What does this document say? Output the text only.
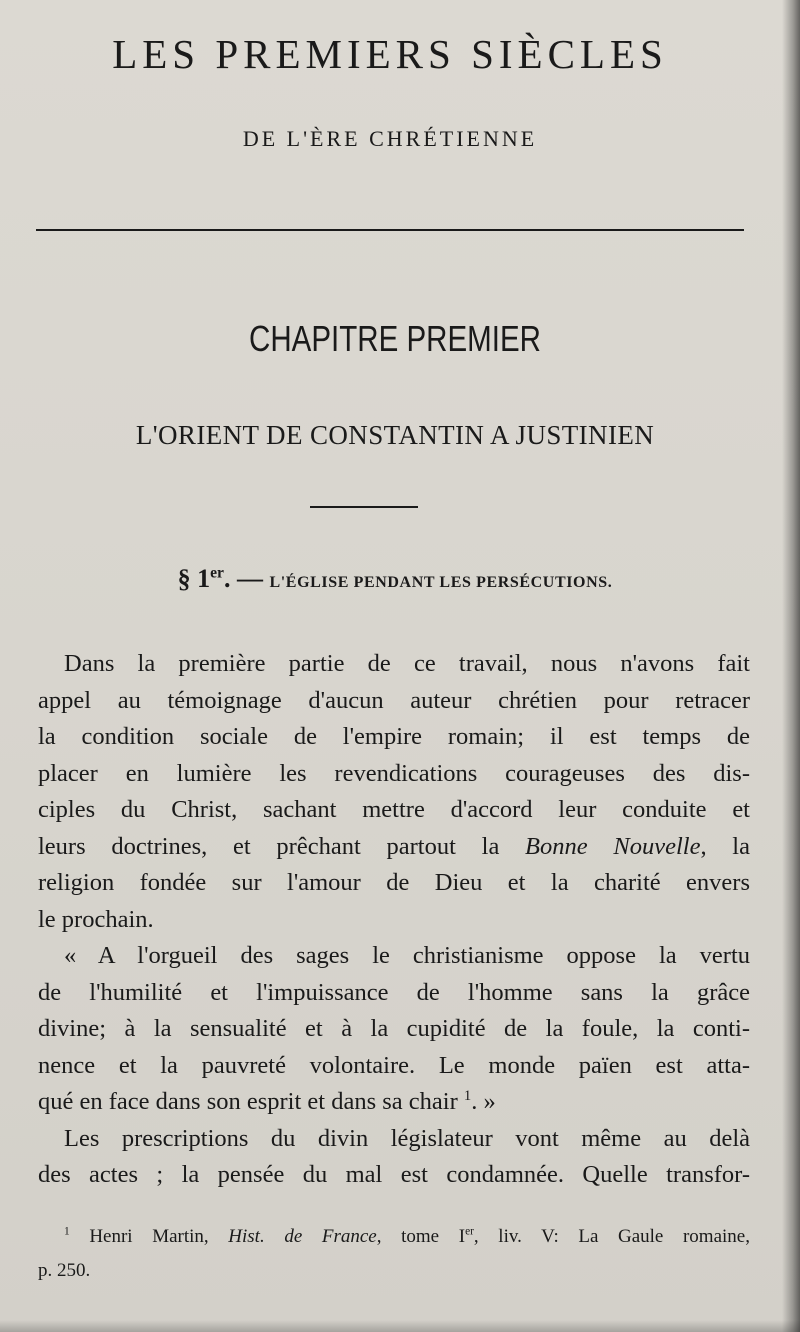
LES PREMIERS SIÈCLES
DE L'ÈRE CHRÉTIENNE
CHAPITRE PREMIER
L'ORIENT DE CONSTANTIN A JUSTINIEN
§ 1er. — L'ÉGLISE PENDANT LES PERSÉCUTIONS.
Dans la première partie de ce travail, nous n'avons fait
appel au témoignage d'aucun auteur chrétien pour retracer
la condition sociale de l'empire romain; il est temps de
placer en lumière les revendications courageuses des dis-
ciples du Christ, sachant mettre d'accord leur conduite et
leurs doctrines, et prêchant partout la Bonne Nouvelle, la
religion fondée sur l'amour de Dieu et la charité envers
le prochain.
« A l'orgueil des sages le christianisme oppose la vertu
de l'humilité et l'impuissance de l'homme sans la grâce
divine; à la sensualité et à la cupidité de la foule, la conti-
nence et la pauvreté volontaire. Le monde païen est atta-
qué en face dans son esprit et dans sa chair $^1$. »
Les prescriptions du divin législateur vont même au delà
des actes ; la pensée du mal est condamnée. Quelle transfor-
$^1$ Henri Martin, Hist. de France, tome Ier, liv. V: La Gaule romaine,
p. 250.
